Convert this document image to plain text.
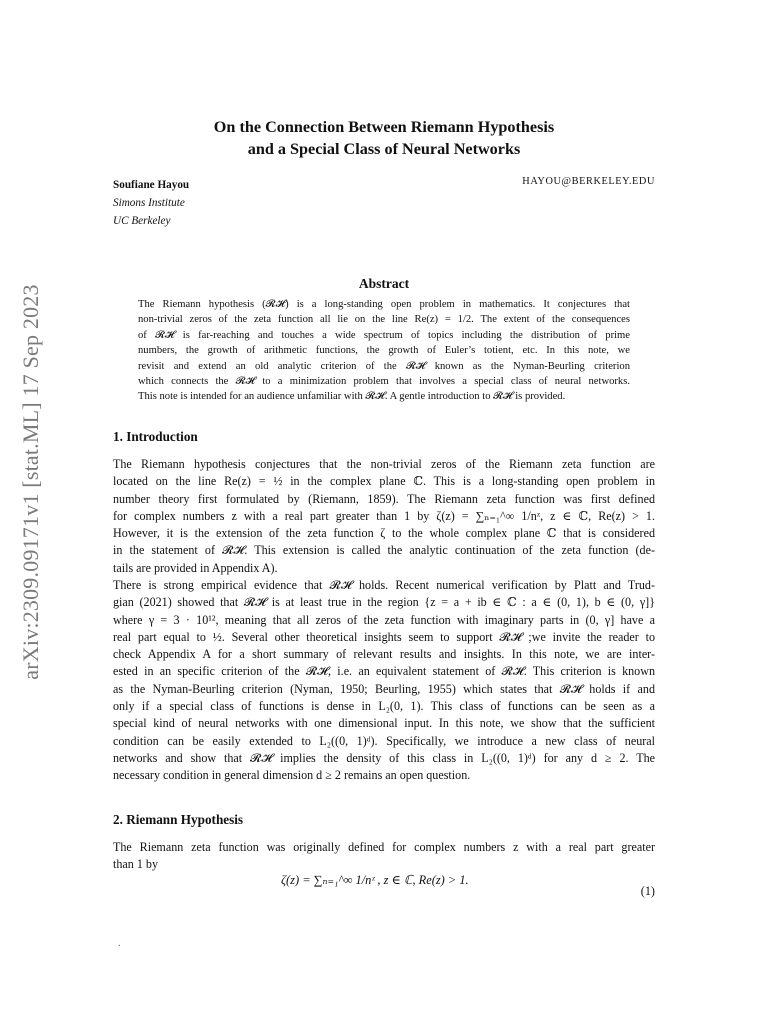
arXiv:2309.09171v1 [stat.ML] 17 Sep 2023
On the Connection Between Riemann Hypothesis
and a Special Class of Neural Networks
Soufiane Hayou
Simons Institute
UC Berkeley
HAYOU@BERKELEY.EDU
Abstract
The Riemann hypothesis (𝓡𝓗) is a long-standing open problem in mathematics. It conjectures that
non-trivial zeros of the zeta function all lie on the line Re(z) = 1/2. The extent of the consequences
of 𝓡𝓗 is far-reaching and touches a wide spectrum of topics including the distribution of prime
numbers, the growth of arithmetic functions, the growth of Euler’s totient, etc. In this note, we
revisit and extend an old analytic criterion of the 𝓡𝓗 known as the Nyman-Beurling criterion
which connects the 𝓡𝓗 to a minimization problem that involves a special class of neural networks.
This note is intended for an audience unfamiliar with 𝓡𝓗. A gentle introduction to 𝓡𝓗 is provided.
1. Introduction
The Riemann hypothesis conjectures that the non-trivial zeros of the Riemann zeta function are
located on the line Re(z) = ½ in the complex plane ℂ. This is a long-standing open problem in
number theory first formulated by (Riemann, 1859). The Riemann zeta function was first defined
for complex numbers z with a real part greater than 1 by ζ(z) = ∑ₙ₌₁^∞ 1/nᶻ, z ∈ ℂ, Re(z) > 1.
However, it is the extension of the zeta function ζ to the whole complex plane ℂ that is considered
in the statement of 𝓡𝓗. This extension is called the analytic continuation of the zeta function (de-
tails are provided in Appendix A).
There is strong empirical evidence that 𝓡𝓗 holds. Recent numerical verification by Platt and Trud-
gian (2021) showed that 𝓡𝓗 is at least true in the region {z = a + ib ∈ ℂ : a ∈ (0, 1), b ∈ (0, γ]}
where γ = 3 · 10¹², meaning that all zeros of the zeta function with imaginary parts in (0, γ] have a
real part equal to ½. Several other theoretical insights seem to support 𝓡𝓗 ;we invite the reader to
check Appendix A for a short summary of relevant results and insights. In this note, we are inter-
ested in an specific criterion of the 𝓡𝓗, i.e. an equivalent statement of 𝓡𝓗. This criterion is known
as the Nyman-Beurling criterion (Nyman, 1950; Beurling, 1955) which states that 𝓡𝓗 holds if and
only if a special class of functions is dense in L₂(0, 1). This class of functions can be seen as a
special kind of neural networks with one dimensional input. In this note, we show that the sufficient
condition can be easily extended to L₂((0, 1)ᵈ). Specifically, we introduce a new class of neural
networks and show that 𝓡𝓗 implies the density of this class in L₂((0, 1)ᵈ) for any d ≥ 2. The
necessary condition in general dimension d ≥ 2 remains an open question.
2. Riemann Hypothesis
The Riemann zeta function was originally defined for complex numbers z with a real part greater
than 1 by
ζ(z) = ∑ₙ₌₁^∞ 1/nᶻ , z ∈ ℂ, Re(z) > 1.
(1)
.
